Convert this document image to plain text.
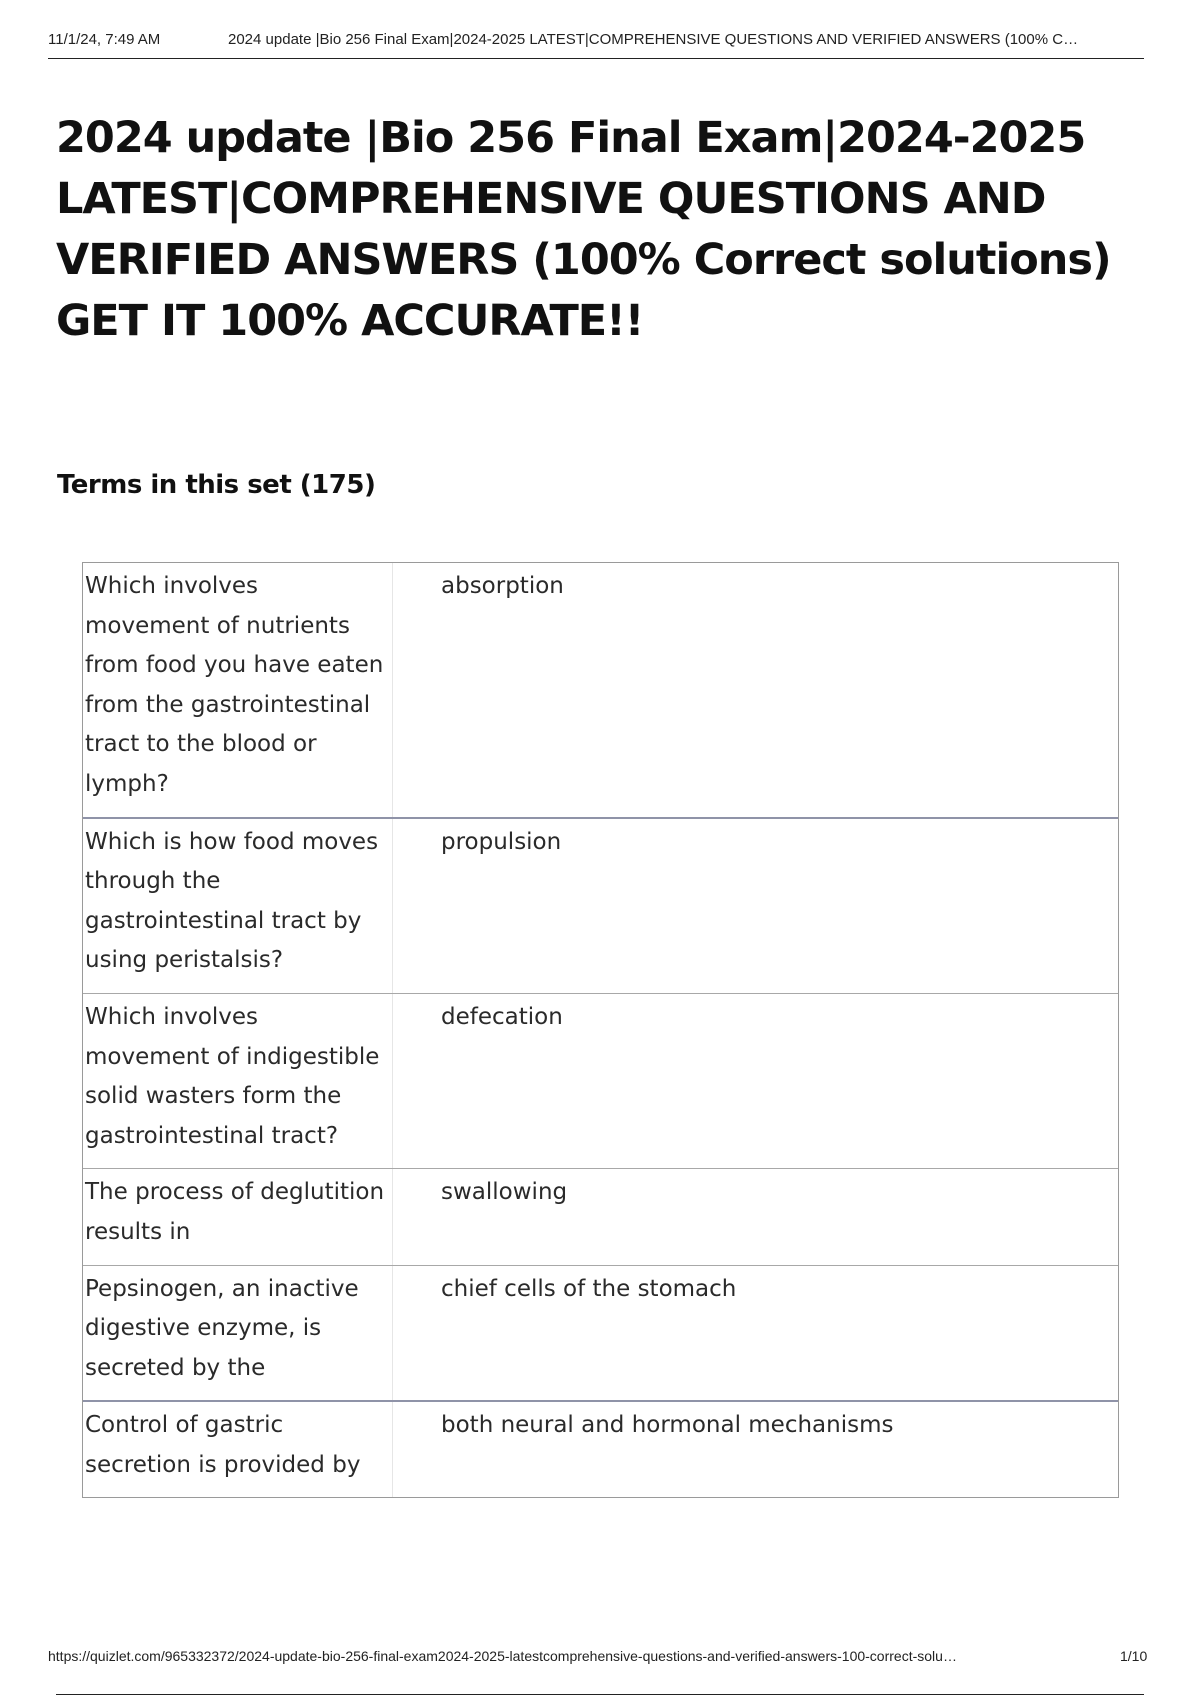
11/1/24, 7:49 AM	2024 update |Bio 256 Final Exam|2024-2025 LATEST|COMPREHENSIVE QUESTIONS AND VERIFIED ANSWERS (100% C…
2024 update |Bio 256 Final Exam|2024-2025 LATEST|COMPREHENSIVE QUESTIONS AND VERIFIED ANSWERS (100% Correct solutions) GET IT 100% ACCURATE!!
Terms in this set (175)
Which involves movement of nutrients from food you have eaten from the gastrointestinal tract to the blood or lymph?
absorption
Which is how food moves through the gastrointestinal tract by using peristalsis?
propulsion
Which involves movement of indigestible solid wasters form the gastrointestinal tract?
defecation
The process of deglutition results in
swallowing
Pepsinogen, an inactive digestive enzyme, is secreted by the
chief cells of the stomach
Control of gastric secretion is provided by
both neural and hormonal mechanisms
https://quizlet.com/965332372/2024-update-bio-256-final-exam2024-2025-latestcomprehensive-questions-and-verified-answers-100-correct-solu…	1/10
